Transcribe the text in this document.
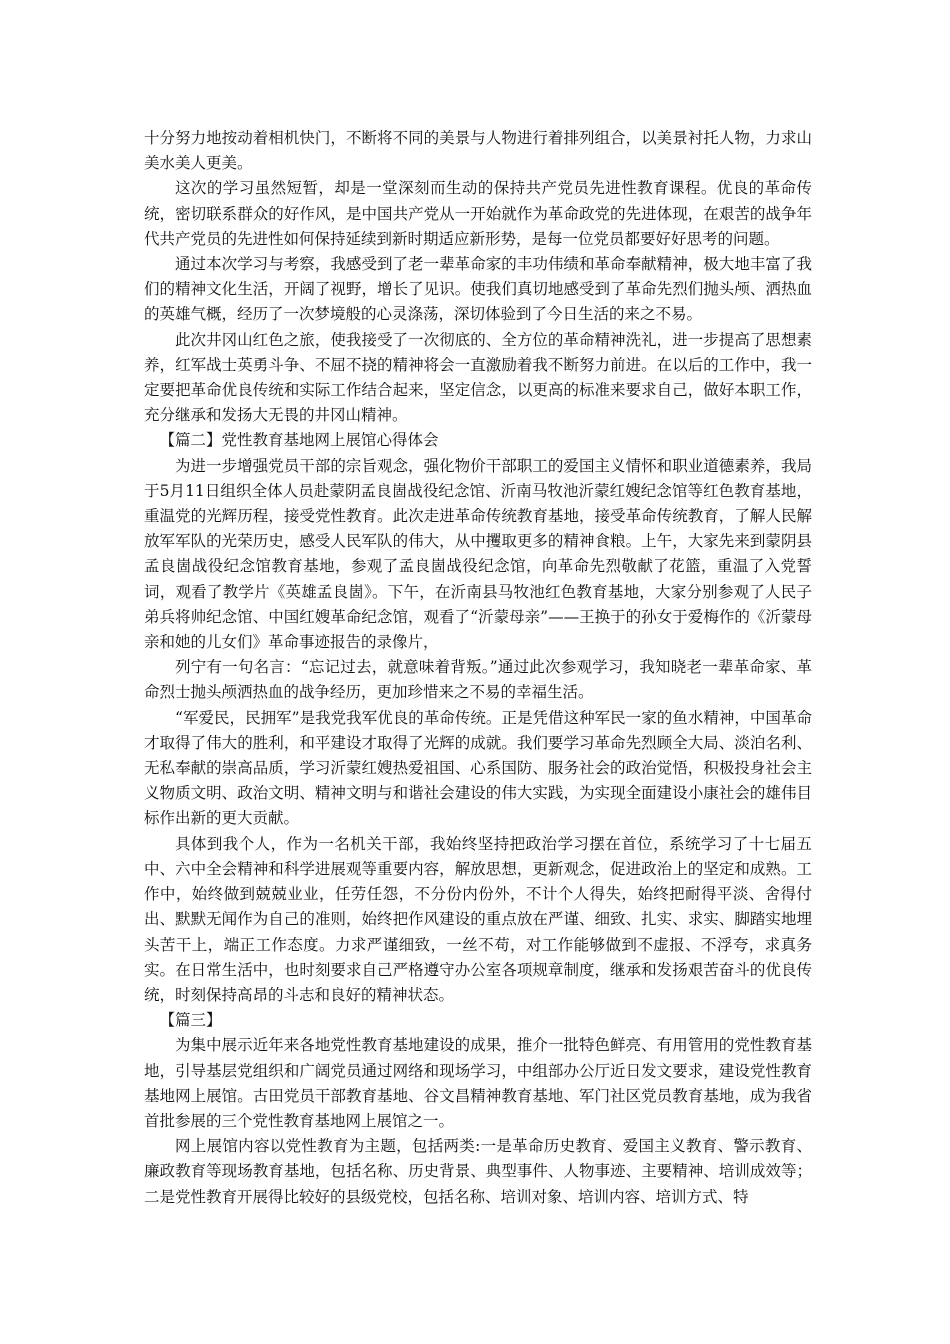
十分努力地按动着相机快门，不断将不同的美景与人物进行着排列组合，以美景衬托人物，力求山美水美人更美。

这次的学习虽然短暂，却是一堂深刻而生动的保持共产党员先进性教育课程。优良的革命传统，密切联系群众的好作风，是中国共产党从一开始就作为革命政党的先进体现，在艰苦的战争年代共产党员的先进性如何保持延续到新时期适应新形势，是每一位党员都要好好思考的问题。

通过本次学习与考察，我感受到了老一辈革命家的丰功伟绩和革命奉献精神，极大地丰富了我们的精神文化生活，开阔了视野，增长了见识。使我们真切地感受到了革命先烈们抛头颅、洒热血的英雄气概，经历了一次梦境般的心灵涤荡，深切体验到了今日生活的来之不易。

此次井冈山红色之旅，使我接受了一次彻底的、全方位的革命精神洗礼，进一步提高了思想素养，红军战士英勇斗争、不屈不挠的精神将会一直激励着我不断努力前进。在以后的工作中，我一定要把革命优良传统和实际工作结合起来，坚定信念，以更高的标准来要求自己，做好本职工作，充分继承和发扬大无畏的井冈山精神。

【篇二】党性教育基地网上展馆心得体会

为进一步增强党员干部的宗旨观念，强化物价干部职工的爱国主义情怀和职业道德素养，我局于5月11日组织全体人员赴蒙阴孟良崮战役纪念馆、沂南马牧池沂蒙红嫂纪念馆等红色教育基地，重温党的光辉历程，接受党性教育。此次走进革命传统教育基地，接受革命传统教育，了解人民解放军军队的光荣历史，感受人民军队的伟大，从中攫取更多的精神食粮。上午，大家先来到蒙阴县孟良崮战役纪念馆教育基地，参观了孟良崮战役纪念馆，向革命先烈敬献了花篮，重温了入党誓词，观看了教学片《英雄孟良崮》。下午，在沂南县马牧池红色教育基地，大家分别参观了人民子弟兵将帅纪念馆、中国红嫂革命纪念馆，观看了“沂蒙母亲”——王换于的孙女于爱梅作的《沂蒙母亲和她的儿女们》革命事迹报告的录像片，

列宁有一句名言：“忘记过去，就意味着背叛。”通过此次参观学习，我知晓老一辈革命家、革命烈士抛头颅洒热血的战争经历，更加珍惜来之不易的幸福生活。

“军爱民，民拥军”是我党我军优良的革命传统。正是凭借这种军民一家的鱼水精神，中国革命才取得了伟大的胜利，和平建设才取得了光辉的成就。我们要学习革命先烈顾全大局、淡泊名利、无私奉献的崇高品质，学习沂蒙红嫂热爱祖国、心系国防、服务社会的政治觉悟，积极投身社会主义物质文明、政治文明、精神文明与和谐社会建设的伟大实践，为实现全面建设小康社会的雄伟目标作出新的更大贡献。

具体到我个人，作为一名机关干部，我始终坚持把政治学习摆在首位，系统学习了十七届五中、六中全会精神和科学进展观等重要内容，解放思想，更新观念，促进政治上的坚定和成熟。工作中，始终做到兢兢业业，任劳任怨，不分份内份外，不计个人得失，始终把耐得平淡、舍得付出、默默无闻作为自己的准则，始终把作风建设的重点放在严谨、细致、扎实、求实、脚踏实地埋头苦干上，端正工作态度。力求严谨细致，一丝不苟，对工作能够做到不虚报、不浮夸，求真务实。在日常生活中，也时刻要求自己严格遵守办公室各项规章制度，继承和发扬艰苦奋斗的优良传统，时刻保持高昂的斗志和良好的精神状态。

【篇三】

为集中展示近年来各地党性教育基地建设的成果，推介一批特色鲜亮、有用管用的党性教育基地，引导基层党组织和广阔党员通过网络和现场学习，中组部办公厅近日发文要求，建设党性教育基地网上展馆。古田党员干部教育基地、谷文昌精神教育基地、军门社区党员教育基地，成为我省首批参展的三个党性教育基地网上展馆之一。

网上展馆内容以党性教育为主题，包括两类:一是革命历史教育、爱国主义教育、警示教育、廉政教育等现场教育基地，包括名称、历史背景、典型事件、人物事迹、主要精神、培训成效等；二是党性教育开展得比较好的县级党校，包括名称、培训对象、培训内容、培训方式、特
